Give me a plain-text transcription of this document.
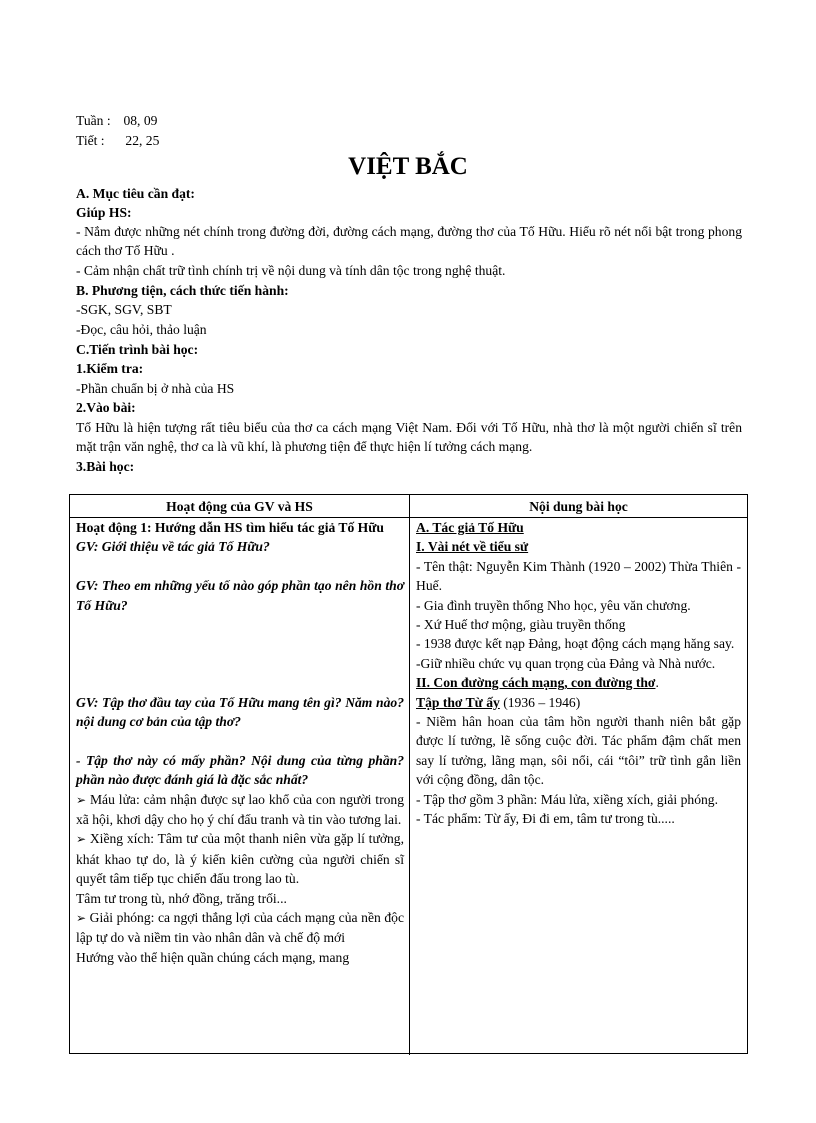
Tuần : 08, 09
Tiết : 22, 25
VIỆT BẮC
A. Mục tiêu cần đạt:
Giúp HS:
- Nắm được những nét chính trong đường đời, đường cách mạng, đường thơ của Tố Hữu. Hiểu rõ nét nổi bật trong phong cách thơ Tố Hữu .
- Cảm nhận chất trữ tình chính trị về nội dung và tính dân tộc trong nghệ thuật.
B. Phương tiện, cách thức tiến hành:
-SGK, SGV, SBT
-Đọc, câu hỏi, thảo luận
C.Tiến trình bài học:
1.Kiểm tra:
-Phần chuẩn bị ở nhà của HS
2.Vào bài:
Tố Hữu là hiện tượng rất tiêu biểu của thơ ca cách mạng Việt Nam. Đối với Tố Hữu, nhà thơ là một người chiến sĩ trên mặt trận văn nghệ, thơ ca là vũ khí, là phương tiện để thực hiện lí tưởng cách mạng.
3.Bài học:
Hoạt động của GV và HS	Nội dung bài học

Hoạt động 1: Hướng dẫn HS tìm hiểu tác giả Tố Hữu

GV: Giới thiệu về tác giả Tố Hữu?

GV: Theo em những yếu tố nào góp phần tạo nên hồn thơ Tố Hữu?

GV: Tập thơ đầu tay của Tố Hữu mang tên gì? Năm nào? nội dung cơ bản của tập thơ?

- Tập thơ này có mấy phần? Nội dung của từng phần? phần nào được đánh giá là đặc sắc nhất?

➢ Máu lửa: cảm nhận được sự lao khổ của con người trong xã hội, khơi dậy cho họ ý chí đấu tranh và tin vào tương lai.

➢ Xiềng xích: Tâm tư của một thanh niên vừa gặp lí tưởng, khát khao tự do, là ý kiến kiên cường của người chiến sĩ quyết tâm tiếp tục chiến đấu trong lao tù.

Tâm tư trong tù, nhớ đồng, trăng trối...

➢ Giải phóng: ca ngợi thắng lợi của cách mạng của nền độc lập tự do và niềm tin vào nhân dân và chế độ mới

Hướng vào thể hiện quần chúng cách mạng, mang

A. Tác giả Tố Hữu

I. Vài nét về tiểu sử

- Tên thật: Nguyễn Kim Thành (1920 – 2002) Thừa Thiên - Huế.

- Gia đình truyền thống Nho học, yêu văn chương.

- Xứ Huế thơ mộng, giàu truyền thống

- 1938 được kết nạp Đảng, hoạt động cách mạng hăng say.

-Giữ nhiều chức vụ quan trọng của Đảng và Nhà nước.

II. Con đường cách mạng, con đường thơ.

Tập thơ Từ ấy (1936 – 1946)

- Niềm hân hoan của tâm hồn người thanh niên bắt gặp được lí tưởng, lẽ sống cuộc đời. Tác phẩm đậm chất men say lí tưởng, lãng mạn, sôi nổi, cái “tôi” trữ tình gắn liền với cộng đồng, dân tộc.

- Tập thơ gồm 3 phần: Máu lửa, xiềng xích, giải phóng.

- Tác phẩm: Từ ấy, Đi đi em, tâm tư trong tù.....
